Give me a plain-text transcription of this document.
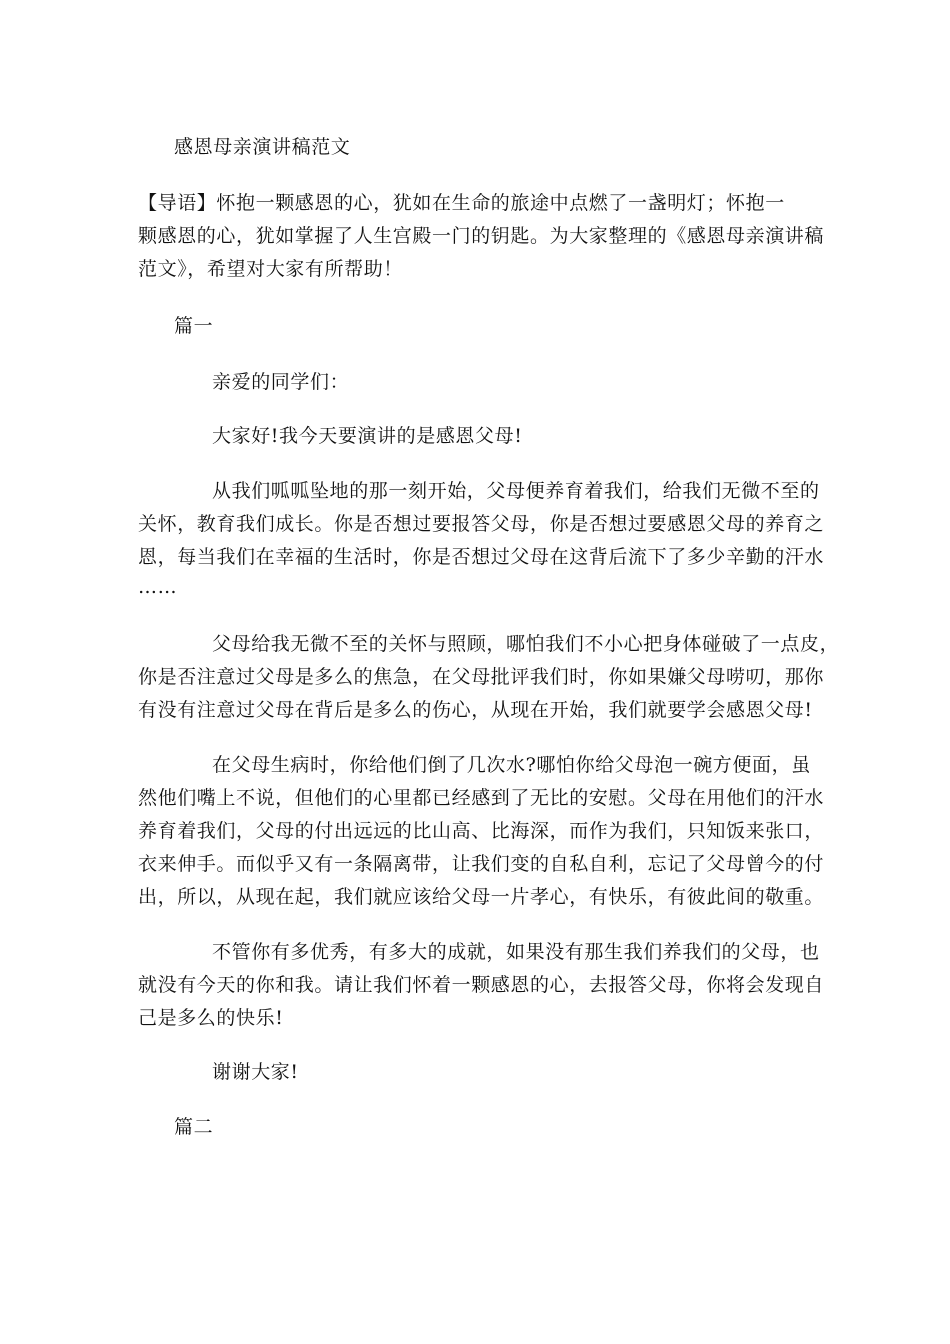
感恩母亲演讲稿范文
【导语】怀抱一颗感恩的心，犹如在生命的旅途中点燃了一盏明灯；怀抱一
颗感恩的心，犹如掌握了人生宫殿一门的钥匙。为大家整理的《感恩母亲演讲稿
范文》，希望对大家有所帮助！
篇一
亲爱的同学们：
大家好!我今天要演讲的是感恩父母!
从我们呱呱坠地的那一刻开始，父母便养育着我们，给我们无微不至的
关怀，教育我们成长。你是否想过要报答父母，你是否想过要感恩父母的养育之
恩，每当我们在幸福的生活时，你是否想过父母在这背后流下了多少辛勤的汗水
……
父母给我无微不至的关怀与照顾，哪怕我们不小心把身体碰破了一点皮，
你是否注意过父母是多么的焦急，在父母批评我们时，你如果嫌父母唠叨，那你
有没有注意过父母在背后是多么的伤心，从现在开始，我们就要学会感恩父母!
在父母生病时，你给他们倒了几次水?哪怕你给父母泡一碗方便面，虽
然他们嘴上不说，但他们的心里都已经感到了无比的安慰。父母在用他们的汗水
养育着我们，父母的付出远远的比山高、比海深，而作为我们，只知饭来张口，
衣来伸手。而似乎又有一条隔离带，让我们变的自私自利，忘记了父母曾今的付
出，所以，从现在起，我们就应该给父母一片孝心，有快乐，有彼此间的敬重。
不管你有多优秀，有多大的成就，如果没有那生我们养我们的父母，也
就没有今天的你和我。请让我们怀着一颗感恩的心，去报答父母，你将会发现自
己是多么的快乐!
谢谢大家!
篇二
